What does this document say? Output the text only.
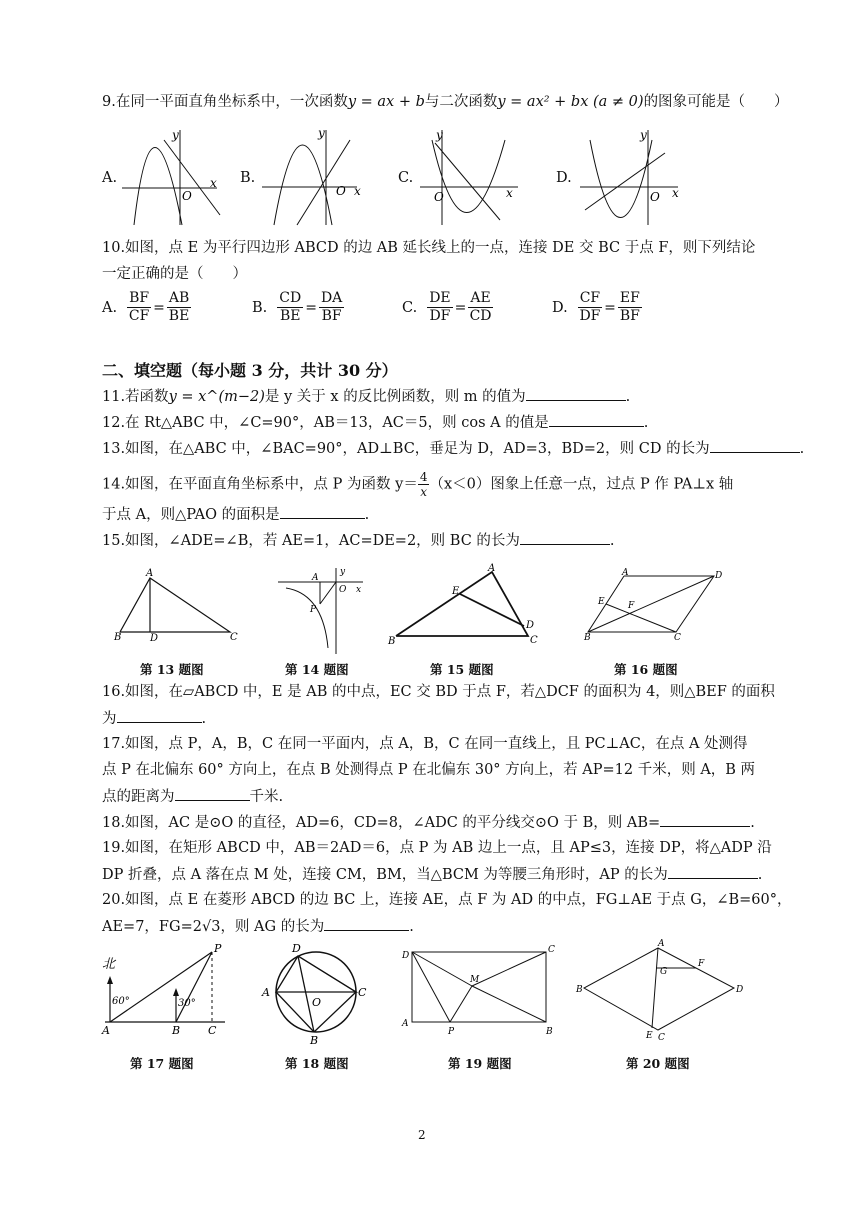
9.在同一平面直角坐标系中，一次函数y = ax + b与二次函数y = ax² + bx (a ≠ 0)的图象可能是（　　）
A.	B.	C.	D.
y
x
O
y
x
O
y
x
O
y
x
O
10.如图，点 E 为平行四边形 ABCD 的边 AB 延长线上的一点，连接 DE 交 BC 于点 F，则下列结论
一定正确的是（　　）
A. $\frac{BF}{CF} = \frac{AB}{BE}$	B. $\frac{CD}{BE} = \frac{DA}{BF}$	C. $\frac{DE}{DF} = \frac{AE}{CD}$	D. $\frac{CF}{DF} = \frac{EF}{BF}$
二、填空题（每小题 3 分，共计 30 分）
11.若函数y = x^(m−2)是 y 关于 x 的反比例函数，则 m 的值为	.
12.在 Rt△ABC 中，∠C=90°，AB＝13，AC＝5，则 cos A 的值是	.
13.如图，在△ABC 中，∠BAC=90°，AD⊥BC，垂足为 D，AD=3，BD=2，则 CD 的长为	.
14.如图，在平面直角坐标系中，点 P 为函数 $y= \frac{4}{x} (x<0)$图象上任意一点，过点 P 作 PA⊥x 轴
于点 A，则△PAO 的面积是	.
15.如图，∠ADE=∠B，若 AE=1，AC=DE=2，则 BC 的长为	.
A
B	D	C
y
A
O x
P
A
E
B
D
C
A	D
E	F
B	C
第 13 题图	第 14 题图	第 15 题图	第 16 题图
16.如图，在▱ABCD 中，E 是 AB 的中点，EC 交 BD 于点 F，若△DCF 的面积为 4，则△BEF 的面积
为	.
17.如图，点 P，A，B，C 在同一平面内，点 A，B，C 在同一直线上，且 PC⊥AC，在点 A 处测得
点 P 在北偏东 60° 方向上，在点 B 处测得点 P 在北偏东 30° 方向上，若 AP=12 千米，则 A，B 两
点的距离为	千米.
18.如图，AC 是⊙O 的直径，AD=6，CD=8，∠ADC 的平分线交⊙O 于 B，则 AB=	.
19.如图，在矩形 ABCD 中，AB＝2AD＝6，点 P 为 AB 边上一点，且 AP≤3，连接 DP，将△ADP 沿
DP 折叠，点 A 落在点 M 处，连接 CM，BM，当△BCM 为等腰三角形时，AP 的长为	.
20.如图，点 E 在菱形 ABCD 的边 BC 上，连接 AE，点 F 为 AD 的中点，FG⊥AE 于点 G，∠B=60°，
AE=7，FG=2√3，则 AG 的长为	.
北
60°	30°
A	B	C
P	D
A
O
C
B
D
C
M
A
P	B
A
G
F
B	D
E C
第 17 题图	第 18 题图	第 19 题图	第 20 题图
2
